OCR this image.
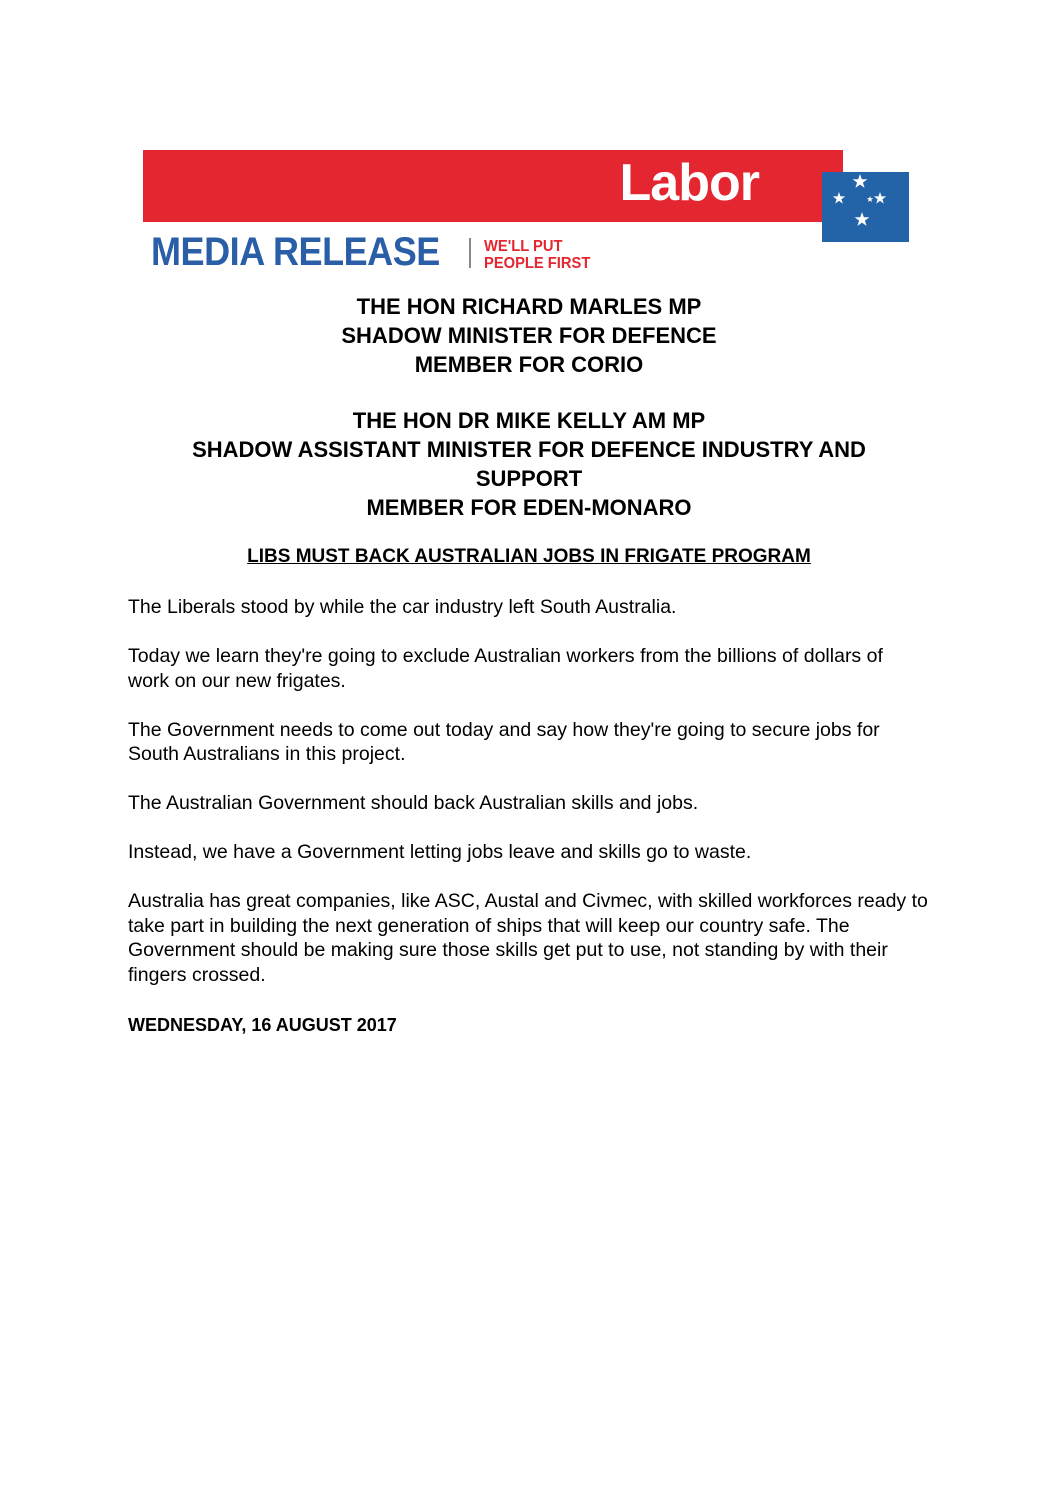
Labor
MEDIA RELEASE	WE'LL PUT
PEOPLE FIRST
THE HON RICHARD MARLES MP
SHADOW MINISTER FOR DEFENCE
MEMBER FOR CORIO
THE HON DR MIKE KELLY AM MP
SHADOW ASSISTANT MINISTER FOR DEFENCE INDUSTRY AND
SUPPORT
MEMBER FOR EDEN-MONARO
LIBS MUST BACK AUSTRALIAN JOBS IN FRIGATE PROGRAM

The Liberals stood by while the car industry left South Australia.

Today we learn they're going to exclude Australian workers from the billions of dollars of work on our new frigates.

The Government needs to come out today and say how they're going to secure jobs for South Australians in this project.

The Australian Government should back Australian skills and jobs.

Instead, we have a Government letting jobs leave and skills go to waste.

Australia has great companies, like ASC, Austal and Civmec, with skilled workforces ready to take part in building the next generation of ships that will keep our country safe. The Government should be making sure those skills get put to use, not standing by with their fingers crossed.

WEDNESDAY, 16 AUGUST 2017
